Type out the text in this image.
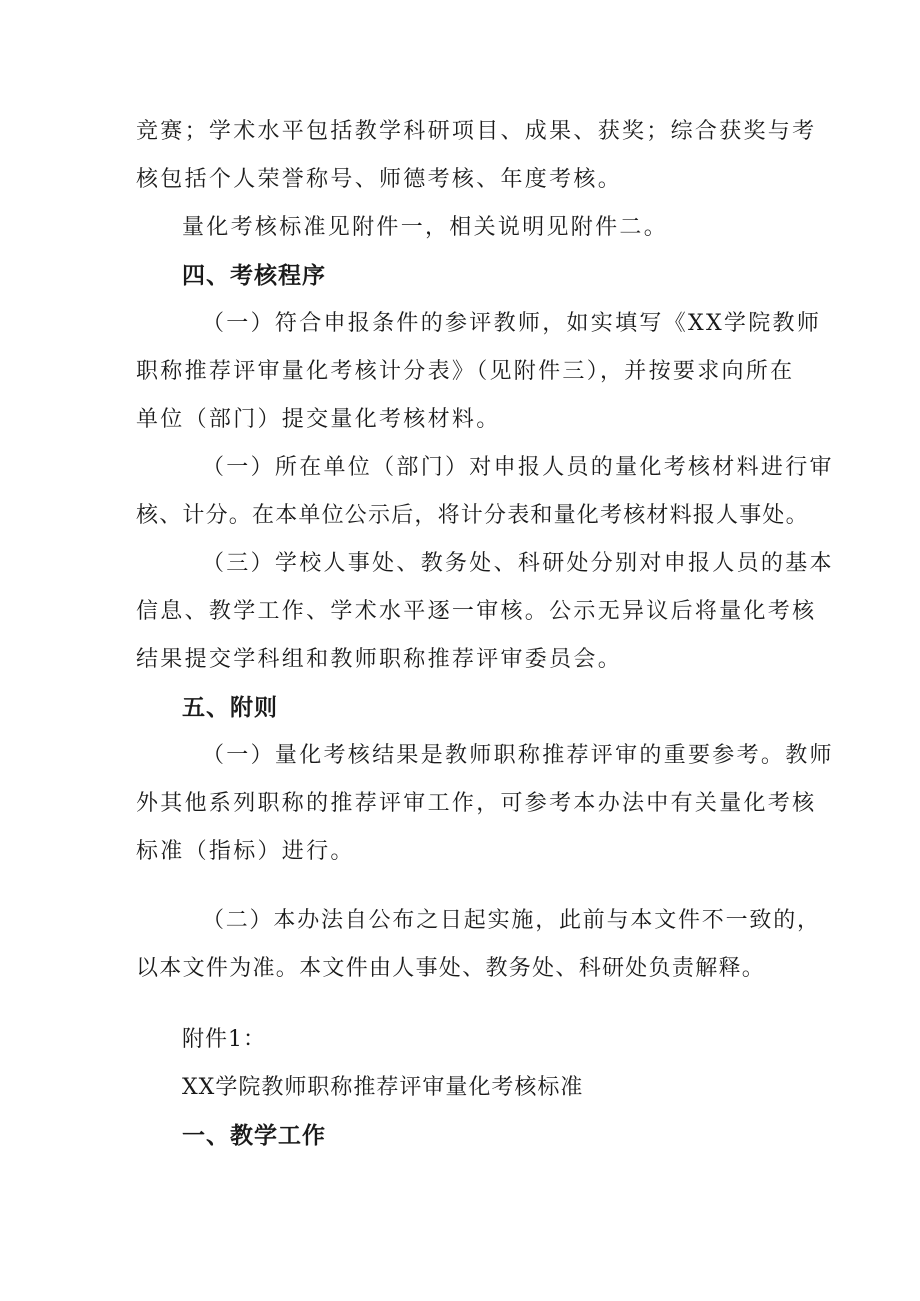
竞赛；学术水平包括教学科研项目、成果、获奖；综合获奖与考
核包括个人荣誉称号、师德考核、年度考核。
量化考核标准见附件一，相关说明见附件二。
四、考核程序
（一）符合申报条件的参评教师，如实填写《XX学院教师
职称推荐评审量化考核计分表》（见附件三），并按要求向所在
单位（部门）提交量化考核材料。
（一）所在单位（部门）对申报人员的量化考核材料进行审
核、计分。在本单位公示后，将计分表和量化考核材料报人事处。
（三）学校人事处、教务处、科研处分别对申报人员的基本
信息、教学工作、学术水平逐一审核。公示无异议后将量化考核
结果提交学科组和教师职称推荐评审委员会。
五、附则
（一）量化考核结果是教师职称推荐评审的重要参考。教师
外其他系列职称的推荐评审工作，可参考本办法中有关量化考核
标准（指标）进行。
（二）本办法自公布之日起实施，此前与本文件不一致的，
以本文件为准。本文件由人事处、教务处、科研处负责解释。
附件1：
XX学院教师职称推荐评审量化考核标准
一、教学工作
